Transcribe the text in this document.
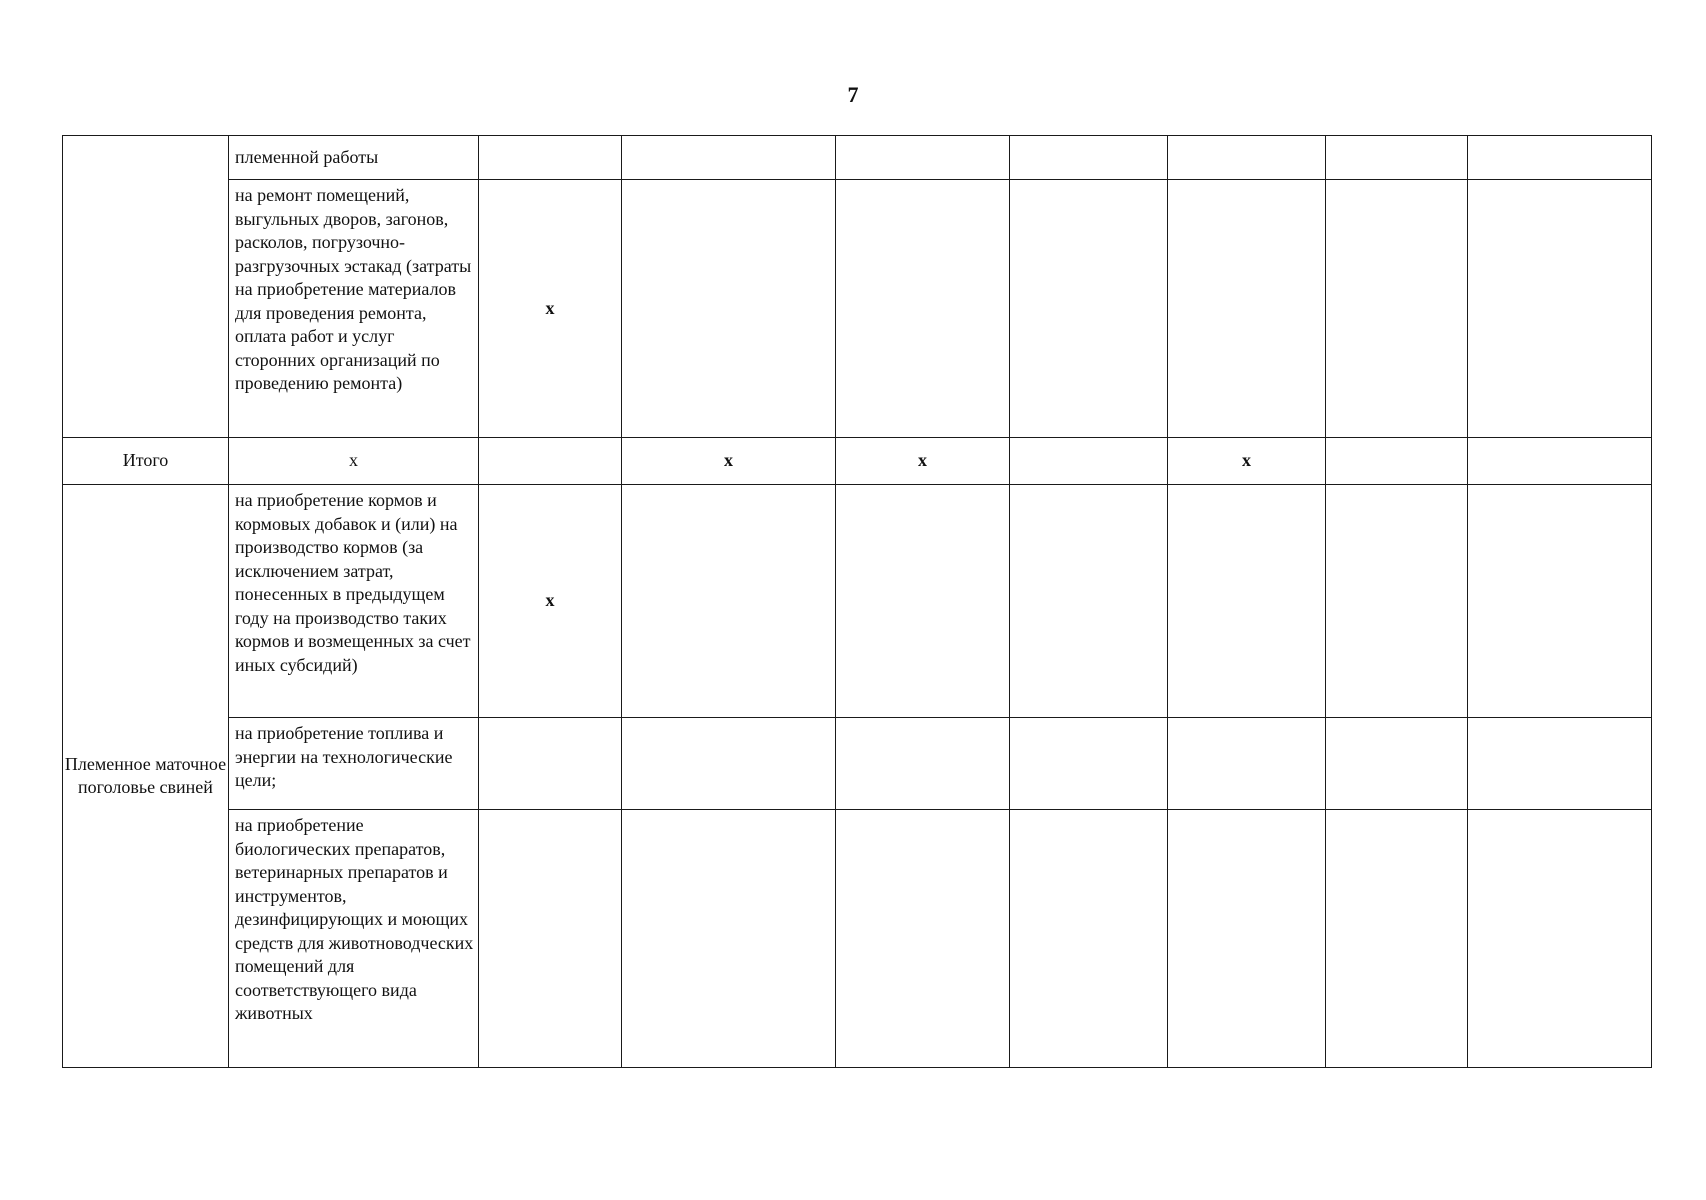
7
	племенной работы							
	на ремонт помещений, выгульных дворов, загонов, расколов, погрузочно-разгрузочных эстакад (затраты на приобретение материалов для проведения ремонта, оплата работ и услуг сторонних организаций по проведению ремонта)	x						
Итого	x		x	x		x		
Племенное маточное поголовье свиней	на приобретение кормов и кормовых добавок и (или) на производство кормов (за исключением затрат, понесенных в предыдущем году на производство таких кормов и возмещенных за счет иных субсидий)	x						
	на приобретение топлива и энергии на технологические цели;							
	на приобретение биологических препаратов, ветеринарных препаратов и инструментов, дезинфицирующих и моющих средств для животноводческих помещений для соответствующего вида животных							
